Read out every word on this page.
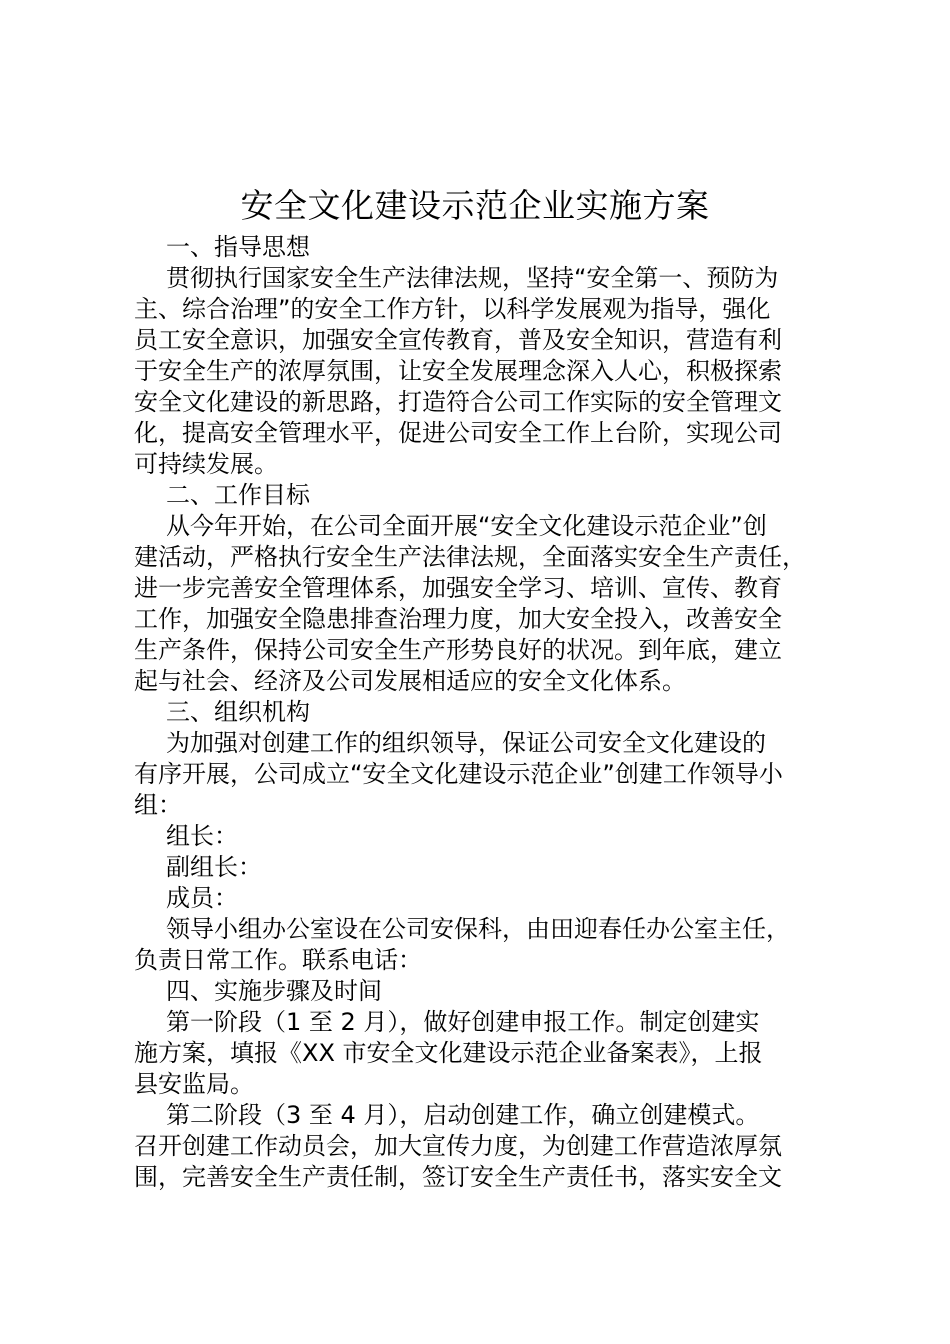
安全文化建设示范企业实施方案
一、指导思想
贯彻执行国家安全生产法律法规，坚持“安全第一、预防为
主、综合治理”的安全工作方针，以科学发展观为指导，强化
员工安全意识，加强安全宣传教育，普及安全知识，营造有利
于安全生产的浓厚氛围，让安全发展理念深入人心，积极探索
安全文化建设的新思路，打造符合公司工作实际的安全管理文
化，提高安全管理水平，促进公司安全工作上台阶，实现公司
可持续发展。
二、工作目标
从今年开始，在公司全面开展“安全文化建设示范企业”创
建活动，严格执行安全生产法律法规，全面落实安全生产责任，
进一步完善安全管理体系，加强安全学习、培训、宣传、教育
工作，加强安全隐患排查治理力度，加大安全投入，改善安全
生产条件，保持公司安全生产形势良好的状况。到年底，建立
起与社会、经济及公司发展相适应的安全文化体系。
三、组织机构
为加强对创建工作的组织领导，保证公司安全文化建设的
有序开展，公司成立“安全文化建设示范企业”创建工作领导小
组：
组长：
副组长：
成员：
领导小组办公室设在公司安保科，由田迎春任办公室主任，
负责日常工作。联系电话：
四、实施步骤及时间
第一阶段（1 至 2 月），做好创建申报工作。制定创建实
施方案，填报《XX 市安全文化建设示范企业备案表》，上报
县安监局。
第二阶段（3 至 4 月），启动创建工作，确立创建模式。
召开创建工作动员会，加大宣传力度，为创建工作营造浓厚氛
围，完善安全生产责任制，签订安全生产责任书，落实安全文
